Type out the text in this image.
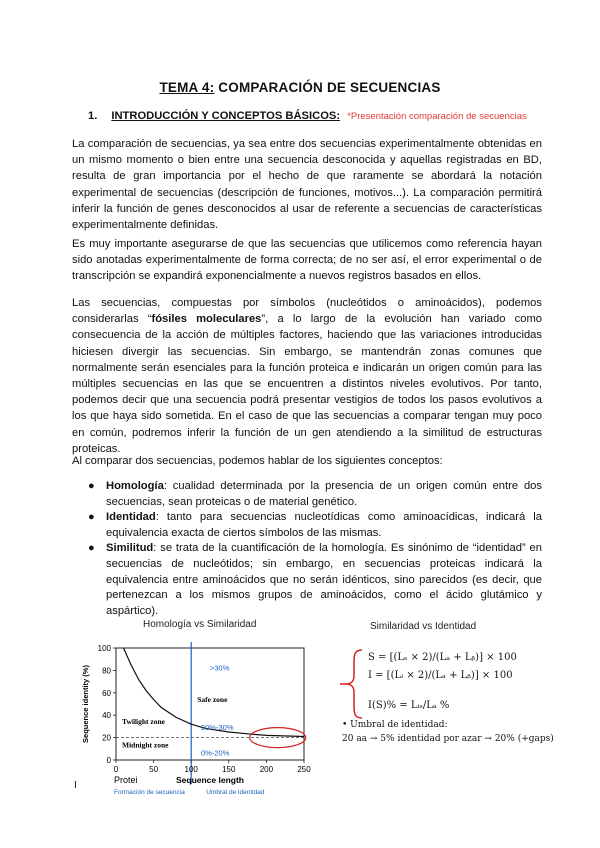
TEMA 4: COMPARACIÓN DE SECUENCIAS
1. INTRODUCCIÓN Y CONCEPTOS BÁSICOS: *Presentación comparación de secuencias

La comparación de secuencias, ya sea entre dos secuencias experimentalmente obtenidas en un mismo momento o bien entre una secuencia desconocida y aquellas registradas en BD, resulta de gran importancia por el hecho de que raramente se abordará la notación experimental de secuencias (descripción de funciones, motivos...). La comparación permitirá inferir la función de genes desconocidos al usar de referente a secuencias de características experimentalmente definidas.

Es muy importante asegurarse de que las secuencias que utilicemos como referencia hayan sido anotadas experimentalmente de forma correcta; de no ser así, el error experimental o de transcripción se expandirá exponencialmente a nuevos registros basados en ellos.

Las secuencias, compuestas por símbolos (nucleótidos o aminoácidos), podemos considerarlas “fósiles moleculares”, a lo largo de la evolución han variado como consecuencia de la acción de múltiples factores, haciendo que las variaciones introducidas hiciesen divergir las secuencias. Sin embargo, se mantendrán zonas comunes que normalmente serán esenciales para la función proteica e indicarán un origen común para las múltiples secuencias en las que se encuentren a distintos niveles evolutivos. Por tanto, podemos decir que una secuencia podrá presentar vestigios de todos los pasos evolutivos a los que haya sido sometida. En el caso de que las secuencias a comparar tengan muy poco en común, podremos inferir la función de un gen atendiendo a la similitud de estructuras proteicas.

Al comparar dos secuencias, podemos hablar de los siguientes conceptos:

● Homología: cualidad determinada por la presencia de un origen común entre dos secuencias, sean proteicas o de material genético.
● Identidad: tanto para secuencias nucleotídicas como aminoacídicas, indicará la equivalencia exacta de ciertos símbolos de las mismas.
● Similitud: se trata de la cuantificación de la homología. Es sinónimo de “identidad” en secuencias de nucleótidos; sin embargo, en secuencias proteicas indicará la equivalencia entre aminoácidos que no serán idénticos, sino parecidos (es decir, que pertenezcan a los mismos grupos de aminoácidos, como el ácido glutámico y aspártico).
Homología vs Similaridad	Similaridad vs Identidad
0
20
40
60
80
100
0	50	100	150	200	250
Sequence identity (%)
Sequence length
Safe zone
Twilight zone
Midnight zone
>30%
20%-30%
0%-20%
Protei
Formación de secuencia	Umbral de identidad
S = [(Lₛ × 2)/(Lₐ + Lᵦ)] × 100
I = [(Lᵢ × 2)/(Lₐ + Lᵦ)] × 100
I(S)% = Lᵢₛ/Lₐ %
• Umbral de identidad:
20 aa → 5% identidad por azar → 20% (+gaps)
I
